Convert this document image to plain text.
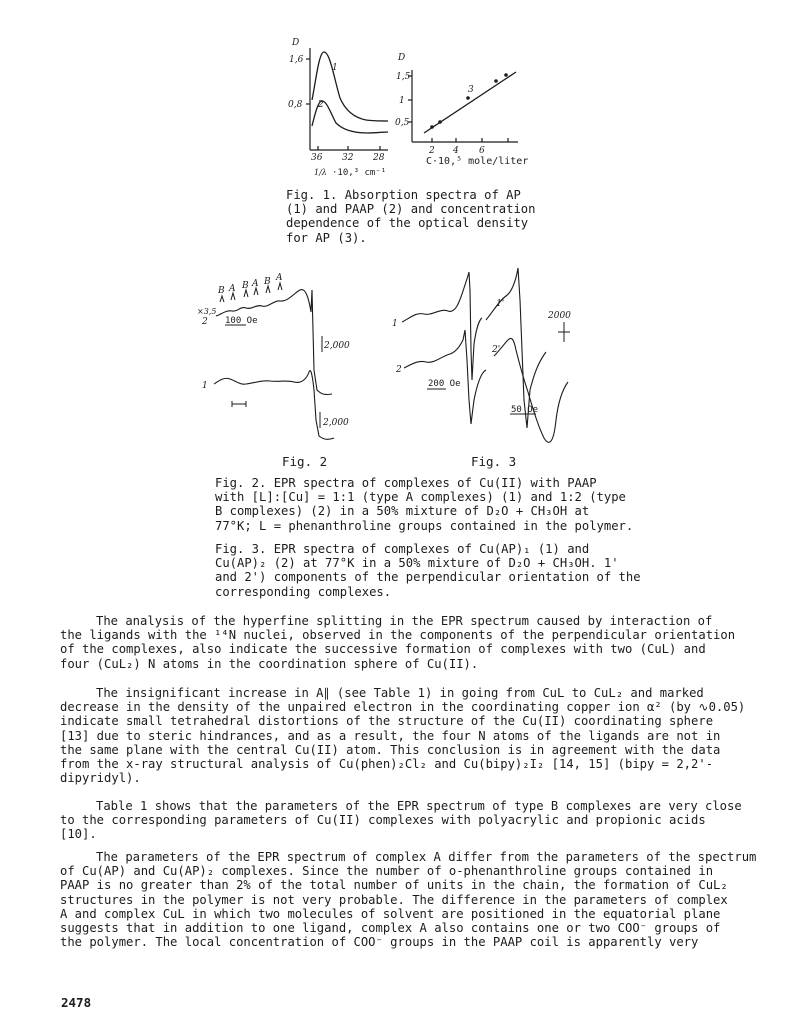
D
1,6
0,8
1
2
36 32 28
1/λ ·10,³ cm⁻¹
D
1,5
1
0,5
3
2 4 6
C·10,⁵ mole/liter

Fig. 1. Absorption spectra of AP
(1) and PAAP (2) and concentration
dependence of the optical density
for AP (3).

B A B A B A
×3,5
2
1
100 Oe
2,000
2,000
1
1'
2
2'
200 Oe
50 Oe
2000
Fig. 2	Fig. 3

Fig. 2. EPR spectra of complexes of Cu(II) with PAAP
with [L]:[Cu] = 1:1 (type A complexes) (1) and 1:2 (type
B complexes) (2) in a 50% mixture of D₂O + CH₃OH at
77°K; L = phenanthroline groups contained in the polymer.

Fig. 3. EPR spectra of complexes of Cu(AP)₁ (1) and
Cu(AP)₂ (2) at 77°K in a 50% mixture of D₂O + CH₃OH. 1'
and 2') components of the perpendicular orientation of the
corresponding complexes.

The analysis of the hyperfine splitting in the EPR spectrum caused by interaction of
the ligands with the ¹⁴N nuclei, observed in the components of the perpendicular orientation
of the complexes, also indicate the successive formation of complexes with two (CuL) and
four (CuL₂) N atoms in the coordination sphere of Cu(II).

The insignificant increase in A∥ (see Table 1) in going from CuL to CuL₂ and marked
decrease in the density of the unpaired electron in the coordinating copper ion α² (by ∿0.05)
indicate small tetrahedral distortions of the structure of the Cu(II) coordinating sphere
[13] due to steric hindrances, and as a result, the four N atoms of the ligands are not in
the same plane with the central Cu(II) atom. This conclusion is in agreement with the data
from the x-ray structural analysis of Cu(phen)₂Cl₂ and Cu(bipy)₂I₂ [14, 15] (bipy = 2,2'-
dipyridyl).

Table 1 shows that the parameters of the EPR spectrum of type B complexes are very close
to the corresponding parameters of Cu(II) complexes with polyacrylic and propionic acids
[10].

The parameters of the EPR spectrum of complex A differ from the parameters of the spectrum
of Cu(AP) and Cu(AP)₂ complexes. Since the number of o-phenanthroline groups contained in
PAAP is no greater than 2% of the total number of units in the chain, the formation of CuL₂
structures in the polymer is not very probable. The difference in the parameters of complex
A and complex CuL in which two molecules of solvent are positioned in the equatorial plane
suggests that in addition to one ligand, complex A also contains one or two COO⁻ groups of
the polymer. The local concentration of COO⁻ groups in the PAAP coil is apparently very

2478
